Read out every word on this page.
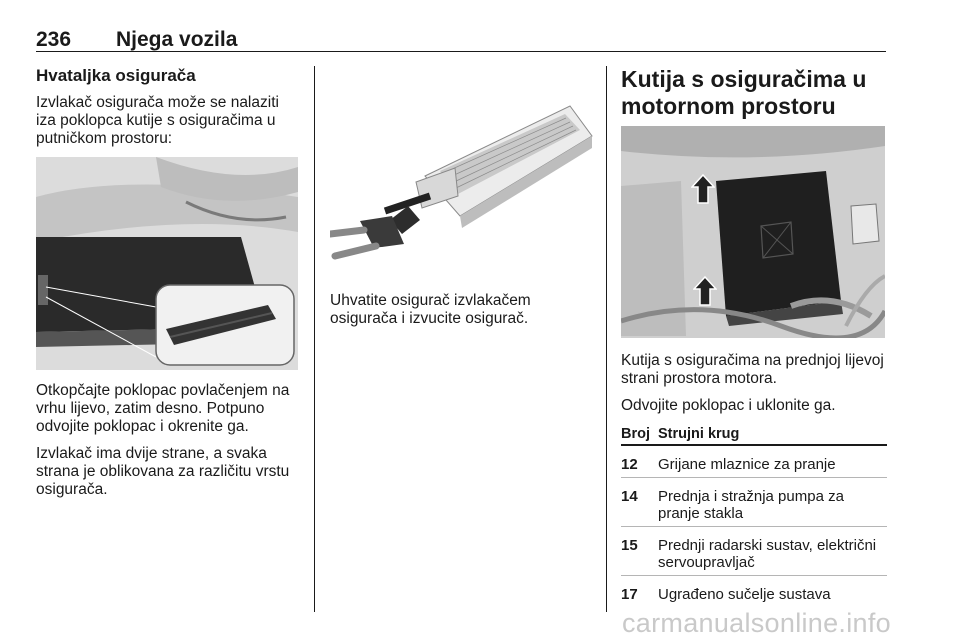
236 Njega vozila
Hvataljka osigurača
Izvlakač osigurača može se nalaziti iza poklopca kutije s osiguračima u putničkom prostoru:
Otkopčajte poklopac povlačenjem na vrhu lijevo, zatim desno. Potpuno odvojite poklopac i okrenite ga.
Izvlakač ima dvije strane, a svaka strana je oblikovana za različitu vrstu osigurača.
Uhvatite osigurač izvlakačem osigurača i izvucite osigurač.
Kutija s osiguračima u motornom prostoru
Kutija s osiguračima na prednjoj lijevoj strani prostora motora.
Odvojite poklopac i uklonite ga.
Broj Strujni krug
12	Grijane mlaznice za pranje
14	Prednja i stražnja pumpa za pranje stakla
15	Prednji radarski sustav, električni servoupravljač
17	Ugrađeno sučelje sustava
carmanualsonline.info
